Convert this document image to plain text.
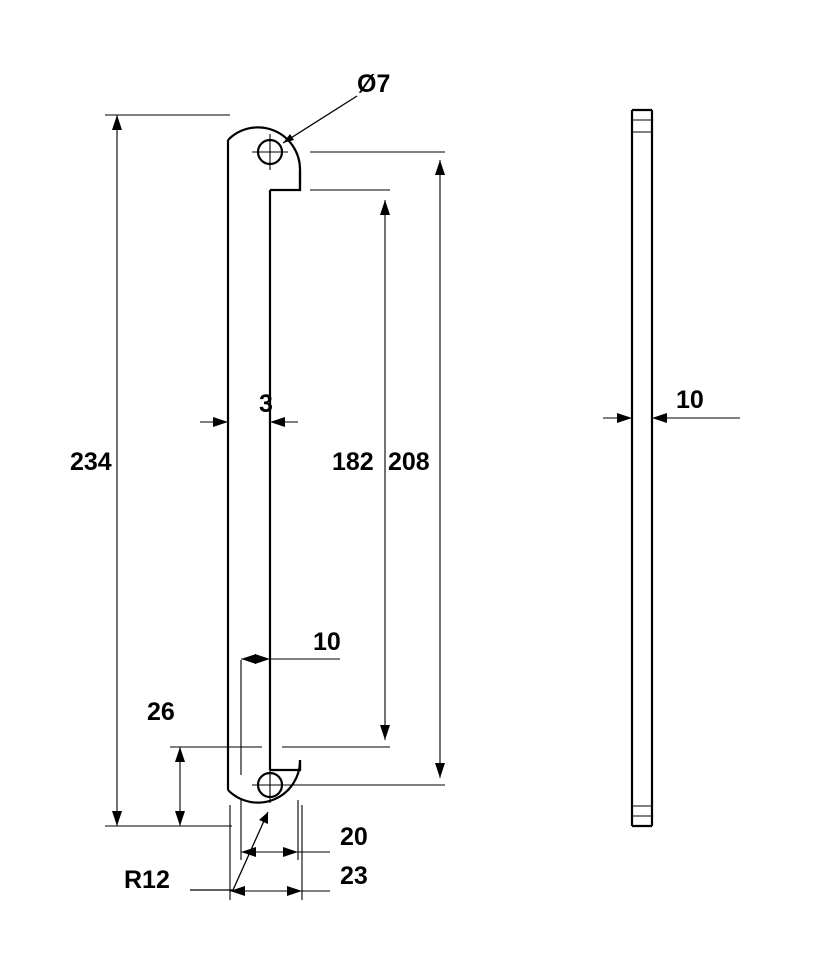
Ø7
234
26
182 208
3
10
20
23
R12
10
